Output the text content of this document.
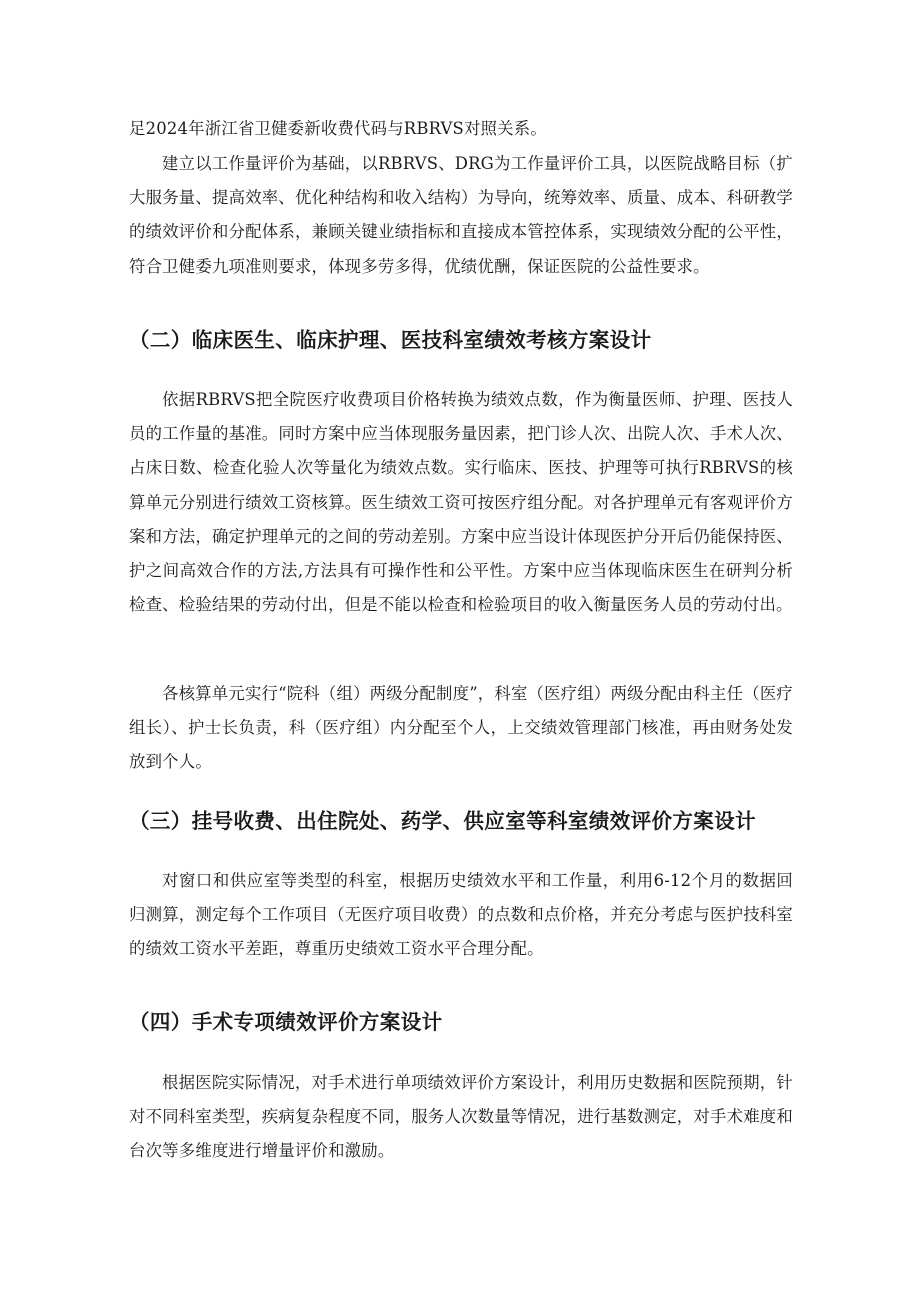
足2024年浙江省卫健委新收费代码与RBRVS对照关系。

建立以工作量评价为基础，以RBRVS、DRG为工作量评价工具，以医院战略目标（扩大服务量、提高效率、优化种结构和收入结构）为导向，统筹效率、质量、成本、科研教学的绩效评价和分配体系，兼顾关键业绩指标和直接成本管控体系，实现绩效分配的公平性，符合卫健委九项准则要求，体现多劳多得，优绩优酬，保证医院的公益性要求。

（二）临床医生、临床护理、医技科室绩效考核方案设计

依据RBRVS把全院医疗收费项目价格转换为绩效点数，作为衡量医师、护理、医技人员的工作量的基准。同时方案中应当体现服务量因素，把门诊人次、出院人次、手术人次、占床日数、检查化验人次等量化为绩效点数。实行临床、医技、护理等可执行RBRVS的核算单元分别进行绩效工资核算。医生绩效工资可按医疗组分配。对各护理单元有客观评价方案和方法，确定护理单元的之间的劳动差别。方案中应当设计体现医护分开后仍能保持医、护之间高效合作的方法,方法具有可操作性和公平性。方案中应当体现临床医生在研判分析检查、检验结果的劳动付出，但是不能以检查和检验项目的收入衡量医务人员的劳动付出。

各核算单元实行“院科（组）两级分配制度”，科室（医疗组）两级分配由科主任（医疗组长）、护士长负责，科（医疗组）内分配至个人，上交绩效管理部门核准，再由财务处发放到个人。

（三）挂号收费、出住院处、药学、供应室等科室绩效评价方案设计

对窗口和供应室等类型的科室，根据历史绩效水平和工作量，利用6-12个月的数据回归测算，测定每个工作项目（无医疗项目收费）的点数和点价格，并充分考虑与医护技科室的绩效工资水平差距，尊重历史绩效工资水平合理分配。

（四）手术专项绩效评价方案设计

根据医院实际情况，对手术进行单项绩效评价方案设计，利用历史数据和医院预期，针对不同科室类型，疾病复杂程度不同，服务人次数量等情况，进行基数测定，对手术难度和台次等多维度进行增量评价和激励。
